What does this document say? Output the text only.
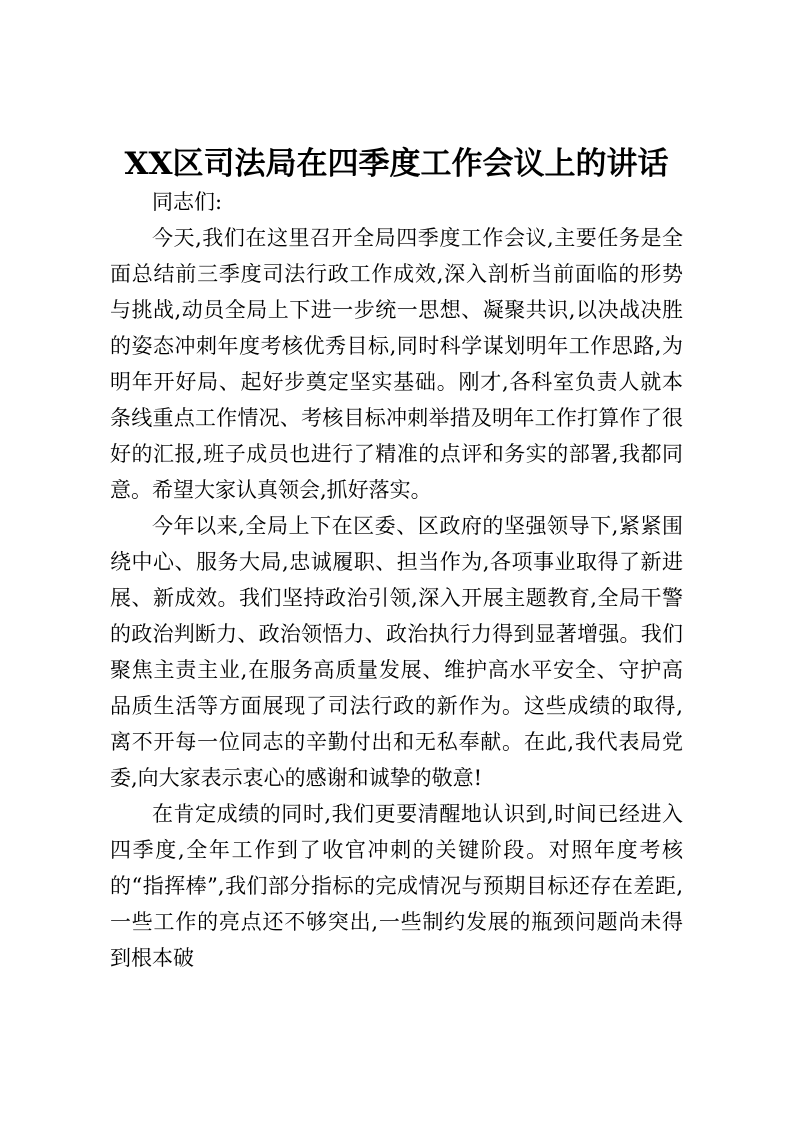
XX区司法局在四季度工作会议上的讲话

同志们:

今天,我们在这里召开全局四季度工作会议,主要任务是全面总结前三季度司法行政工作成效,深入剖析当前面临的形势与挑战,动员全局上下进一步统一思想、凝聚共识,以决战决胜的姿态冲刺年度考核优秀目标,同时科学谋划明年工作思路,为明年开好局、起好步奠定坚实基础。刚才,各科室负责人就本条线重点工作情况、考核目标冲刺举措及明年工作打算作了很好的汇报,班子成员也进行了精准的点评和务实的部署,我都同意。希望大家认真领会,抓好落实。

今年以来,全局上下在区委、区政府的坚强领导下,紧紧围绕中心、服务大局,忠诚履职、担当作为,各项事业取得了新进展、新成效。我们坚持政治引领,深入开展主题教育,全局干警的政治判断力、政治领悟力、政治执行力得到显著增强。我们聚焦主责主业,在服务高质量发展、维护高水平安全、守护高品质生活等方面展现了司法行政的新作为。这些成绩的取得,离不开每一位同志的辛勤付出和无私奉献。在此,我代表局党委,向大家表示衷心的感谢和诚挚的敬意!

在肯定成绩的同时,我们更要清醒地认识到,时间已经进入四季度,全年工作到了收官冲刺的关键阶段。对照年度考核的“指挥棒”,我们部分指标的完成情况与预期目标还存在差距,一些工作的亮点还不够突出,一些制约发展的瓶颈问题尚未得到根本破
